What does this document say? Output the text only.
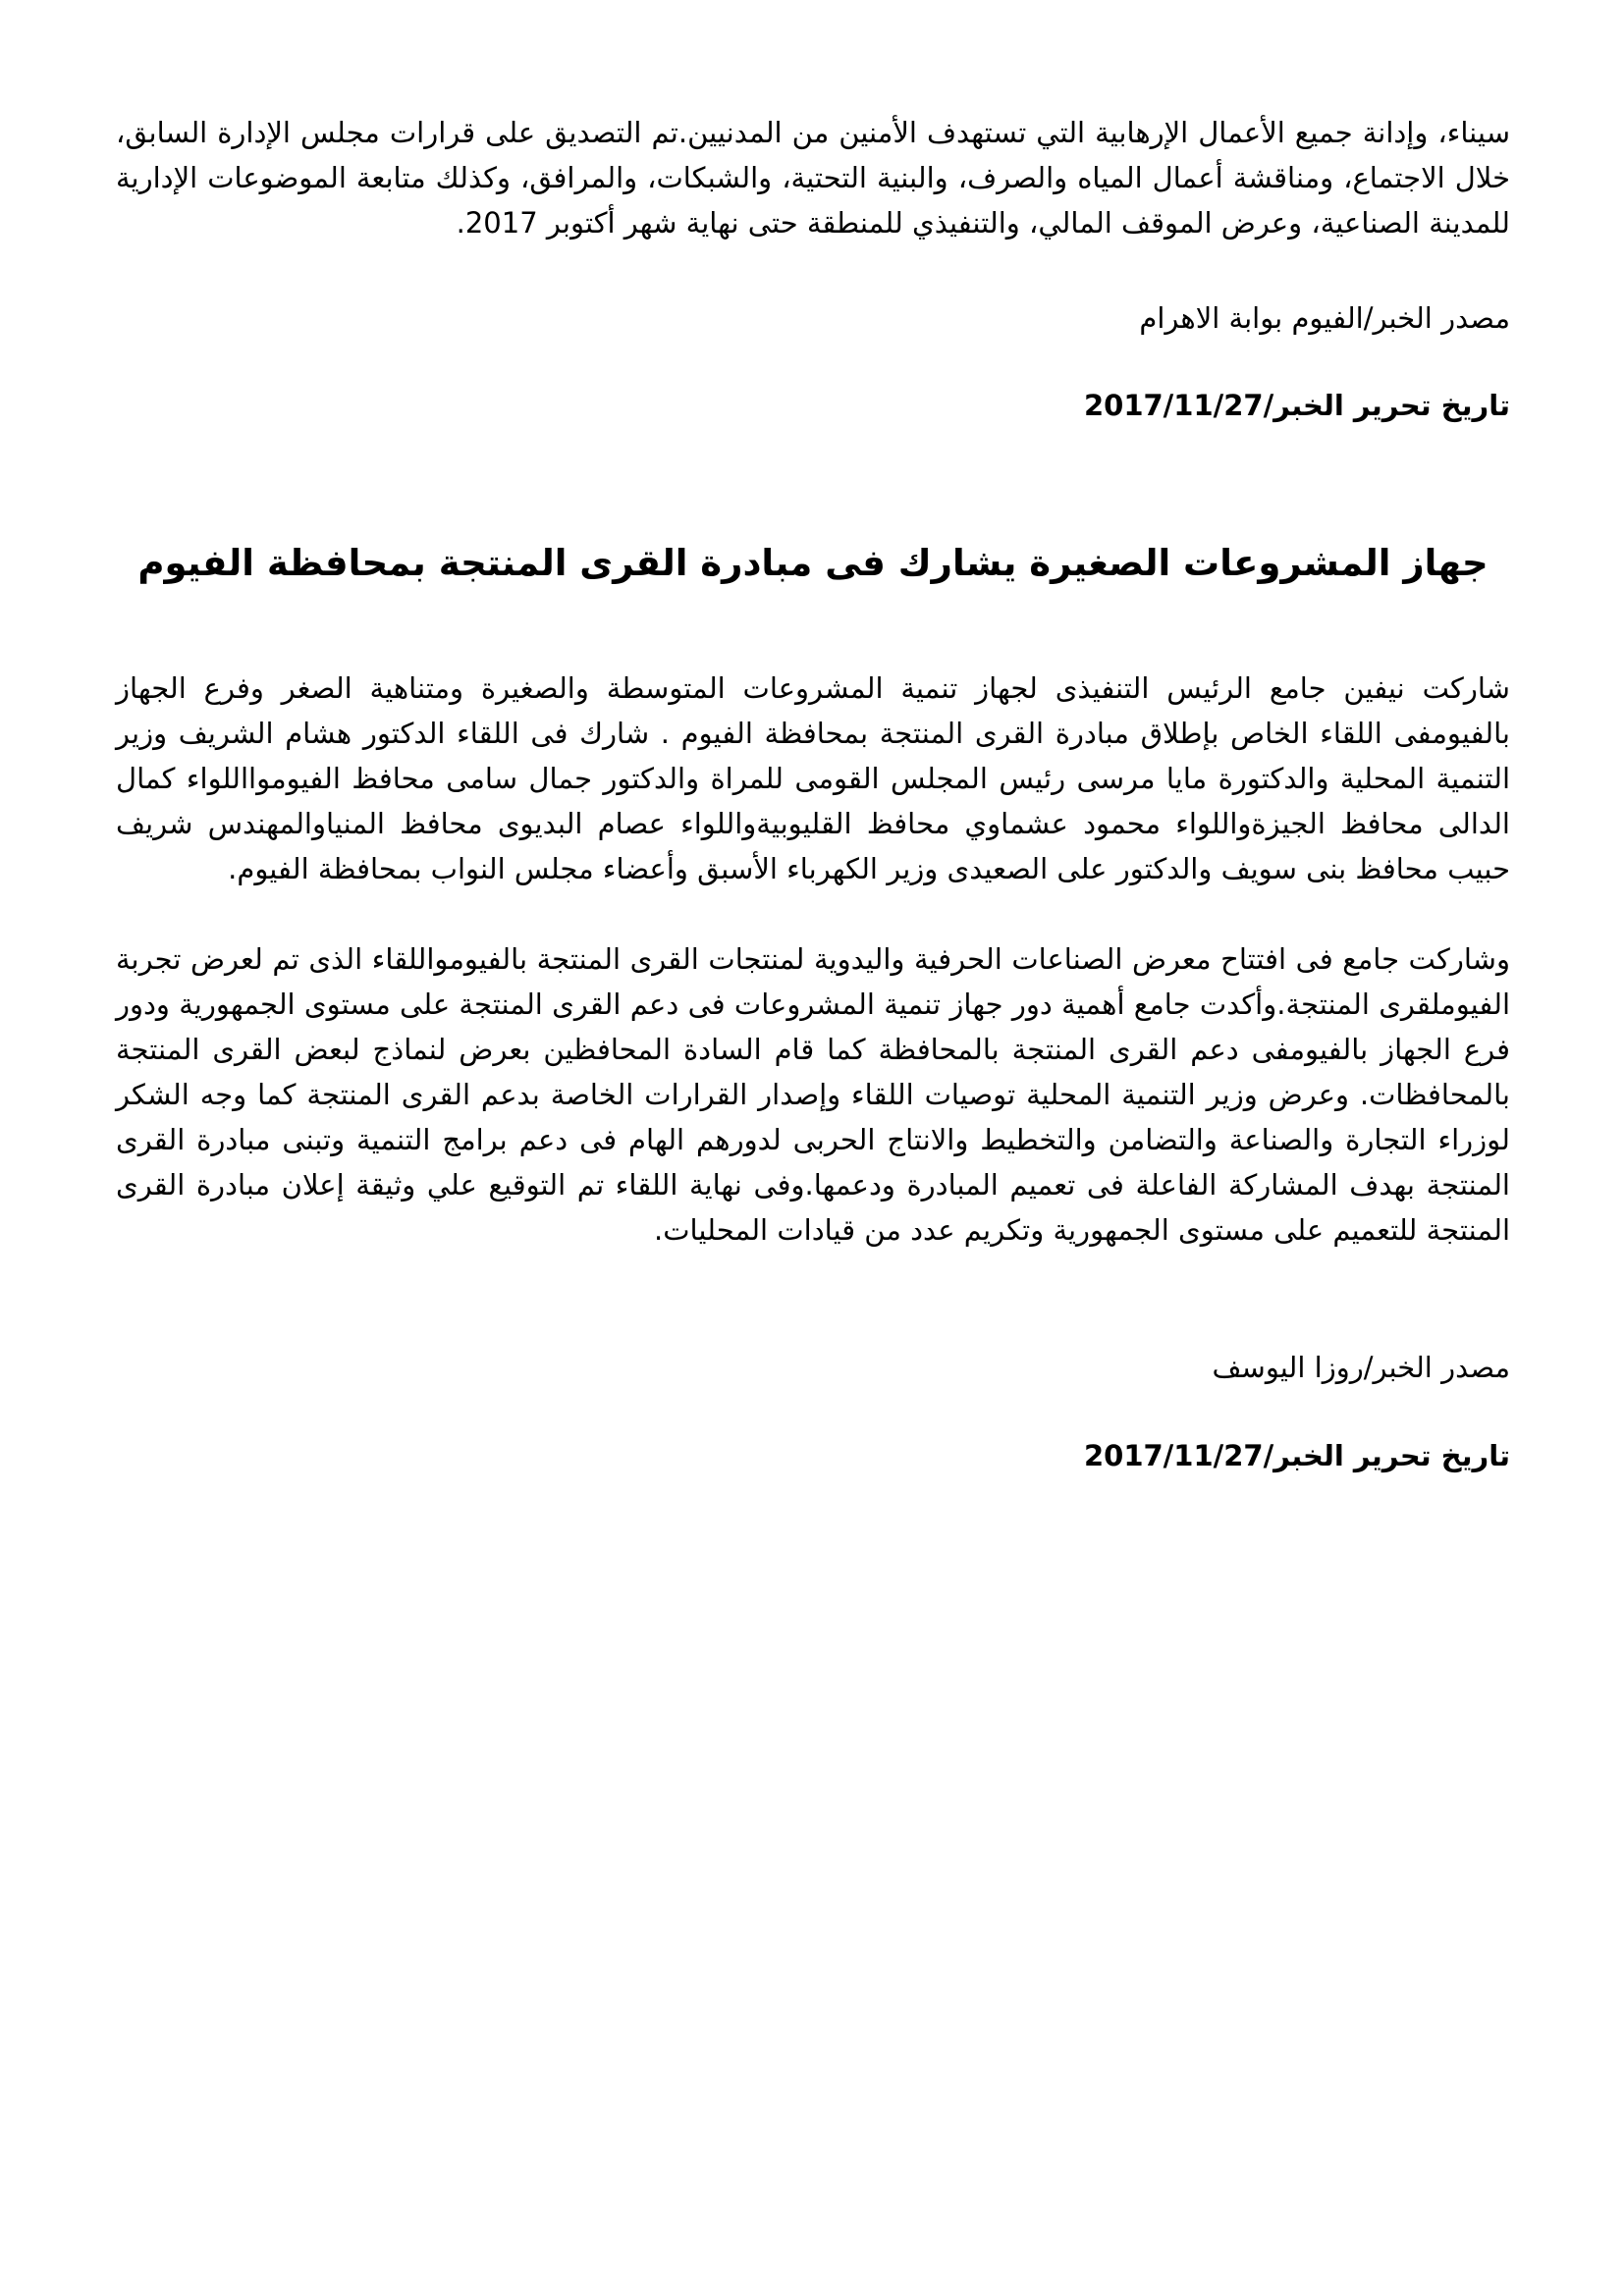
سيناء، وإدانة جميع الأعمال الإرهابية التي تستهدف الأمنين من المدنيين.تم التصديق على قرارات مجلس الإدارة السابق، خلال الاجتماع، ومناقشة أعمال المياه والصرف، والبنية التحتية، والشبكات، والمرافق، وكذلك متابعة الموضوعات الإدارية للمدينة الصناعية، وعرض الموقف المالي، والتنفيذي للمنطقة حتى نهاية شهر أكتوبر 2017.

مصدر الخبر/الفيوم بوابة الاهرام

تاريخ تحرير الخبر/2017/11/27

جهاز المشروعات الصغيرة يشارك فى مبادرة القرى المنتجة بمحافظة الفيوم

شاركت نيفين جامع الرئيس التنفيذى لجهاز تنمية المشروعات المتوسطة والصغيرة ومتناهية الصغر وفرع الجهاز بالفيومفى اللقاء الخاص بإطلاق مبادرة القرى المنتجة بمحافظة الفيوم . شارك فى اللقاء الدكتور هشام الشريف وزير التنمية المحلية والدكتورة مايا مرسى رئيس المجلس القومى للمراة والدكتور جمال سامى محافظ الفيوموااللواء كمال الدالى محافظ الجيزةواللواء محمود عشماوي محافظ القليوبيةواللواء عصام البديوى محافظ المنياوالمهندس شريف حبيب محافظ بنى سويف والدكتور على الصعيدى وزير الكهرباء الأسبق وأعضاء مجلس النواب بمحافظة الفيوم.

وشاركت جامع فى افتتاح معرض الصناعات الحرفية واليدوية لمنتجات القرى المنتجة بالفيومواللقاء الذى تم لعرض تجربة الفيوملقرى المنتجة.وأكدت جامع أهمية دور جهاز تنمية المشروعات فى دعم القرى المنتجة على مستوى الجمهورية ودور فرع الجهاز بالفيومفى دعم القرى المنتجة بالمحافظة كما قام السادة المحافظين بعرض لنماذج لبعض القرى المنتجة بالمحافظات. وعرض وزير التنمية المحلية توصيات اللقاء وإصدار القرارات الخاصة بدعم القرى المنتجة كما وجه الشكر لوزراء التجارة والصناعة والتضامن والتخطيط والانتاج الحربى لدورهم الهام فى دعم برامج التنمية وتبنى مبادرة القرى المنتجة بهدف المشاركة الفاعلة فى تعميم المبادرة ودعمها.وفى نهاية اللقاء تم التوقيع علي وثيقة إعلان مبادرة القرى المنتجة للتعميم على مستوى الجمهورية وتكريم عدد من قيادات المحليات.

مصدر الخبر/روزا اليوسف

تاريخ تحرير الخبر/2017/11/27
